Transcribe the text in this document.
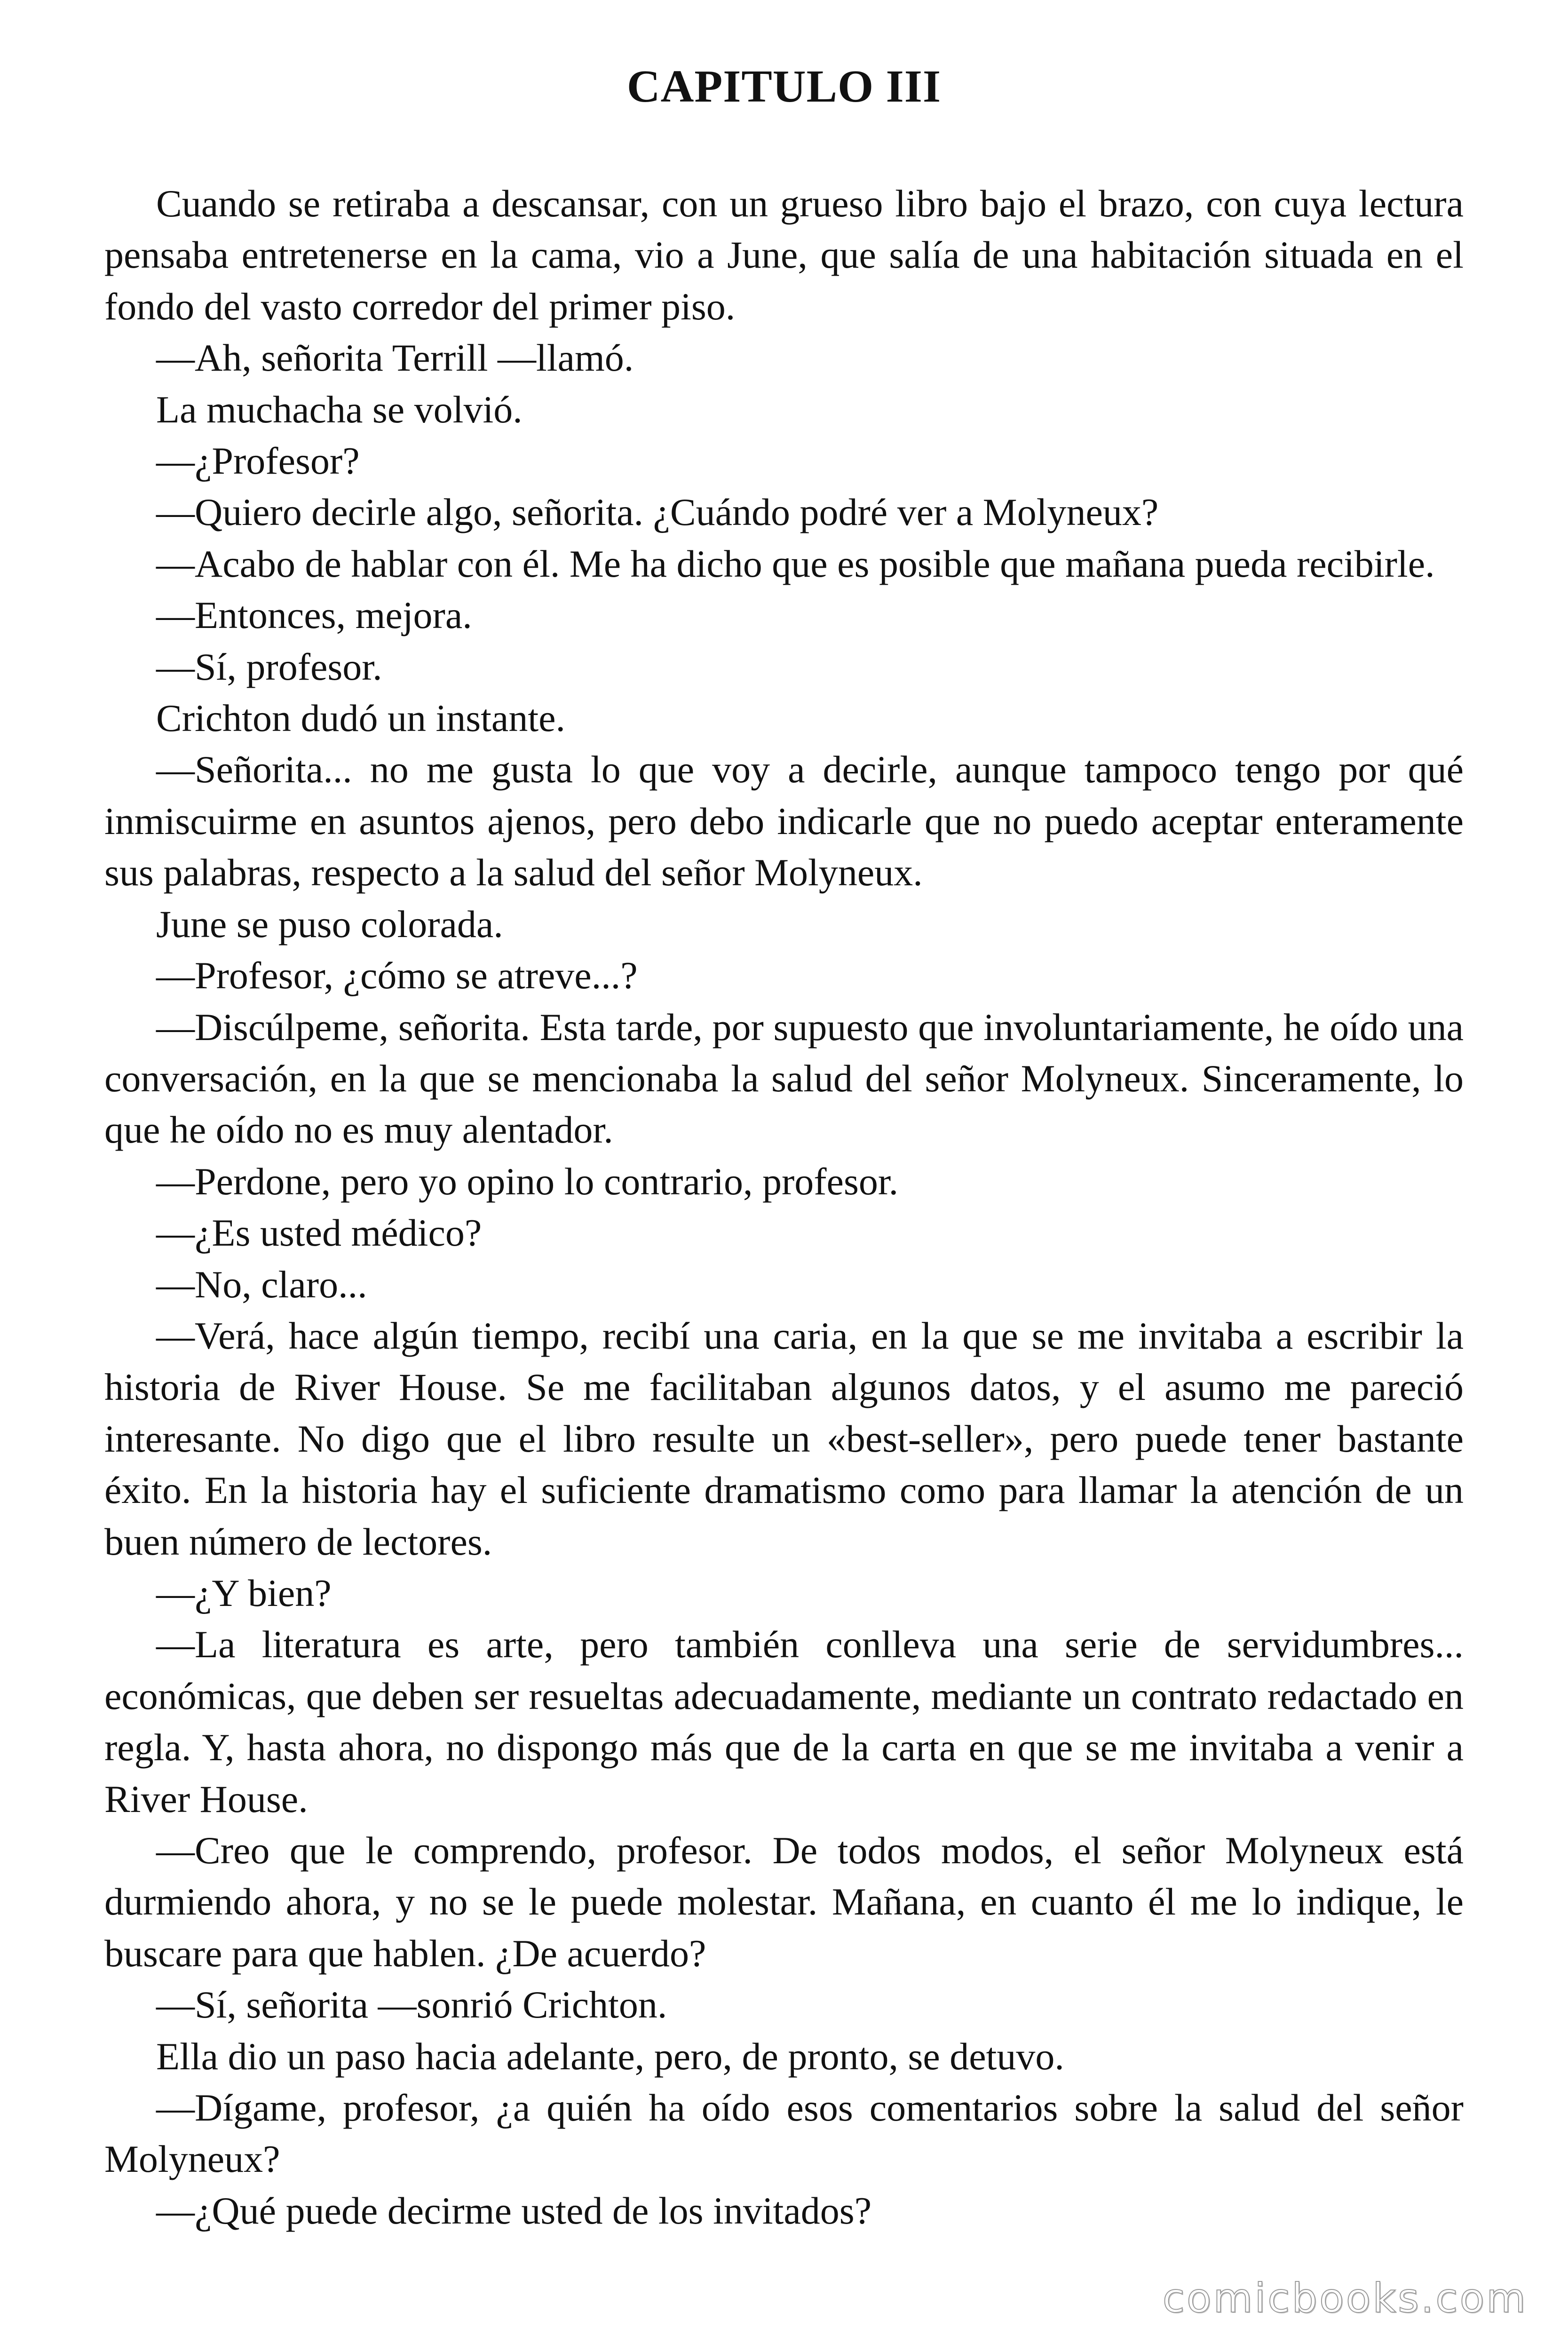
CAPITULO III

Cuando se retiraba a descansar, con un grueso libro bajo el brazo, con cuya lectura pensaba entretenerse en la cama, vio a June, que salía de una habitación situada en el fondo del vasto corredor del primer piso.

—Ah, señorita Terrill —llamó.

La muchacha se volvió.

—¿Profesor?

—Quiero decirle algo, señorita. ¿Cuándo podré ver a Molyneux?

—Acabo de hablar con él. Me ha dicho que es posible que mañana pueda recibirle.

—Entonces, mejora.

—Sí, profesor.

Crichton dudó un instante.

—Señorita... no me gusta lo que voy a decirle, aunque tampoco tengo por qué inmiscuirme en asuntos ajenos, pero debo indicarle que no puedo aceptar enteramente sus palabras, respecto a la salud del señor Molyneux.

June se puso colorada.

—Profesor, ¿cómo se atreve...?

—Discúlpeme, señorita. Esta tarde, por supuesto que involuntariamente, he oído una conversación, en la que se mencionaba la salud del señor Molyneux. Sinceramente, lo que he oído no es muy alentador.

—Perdone, pero yo opino lo contrario, profesor.

—¿Es usted médico?

—No, claro...

—Verá, hace algún tiempo, recibí una caria, en la que se me invitaba a escribir la historia de River House. Se me facilitaban algunos datos, y el asumo me pareció interesante. No digo que el libro resulte un «best-seller», pero puede tener bastante éxito. En la historia hay el suficiente dramatismo como para llamar la atención de un buen número de lectores.

—¿Y bien?

—La literatura es arte, pero también conlleva una serie de servidumbres... económicas, que deben ser resueltas adecuadamente, mediante un contrato redactado en regla. Y, hasta ahora, no dispongo más que de la carta en que se me invitaba a venir a River House.

—Creo que le comprendo, profesor. De todos modos, el señor Molyneux está durmiendo ahora, y no se le puede molestar. Mañana, en cuanto él me lo indique, le buscare para que hablen. ¿De acuerdo?

—Sí, señorita —sonrió Crichton.

Ella dio un paso hacia adelante, pero, de pronto, se detuvo.

—Dígame, profesor, ¿a quién ha oído esos comentarios sobre la salud del señor Molyneux?

—¿Qué puede decirme usted de los invitados?

comicbooks.com
